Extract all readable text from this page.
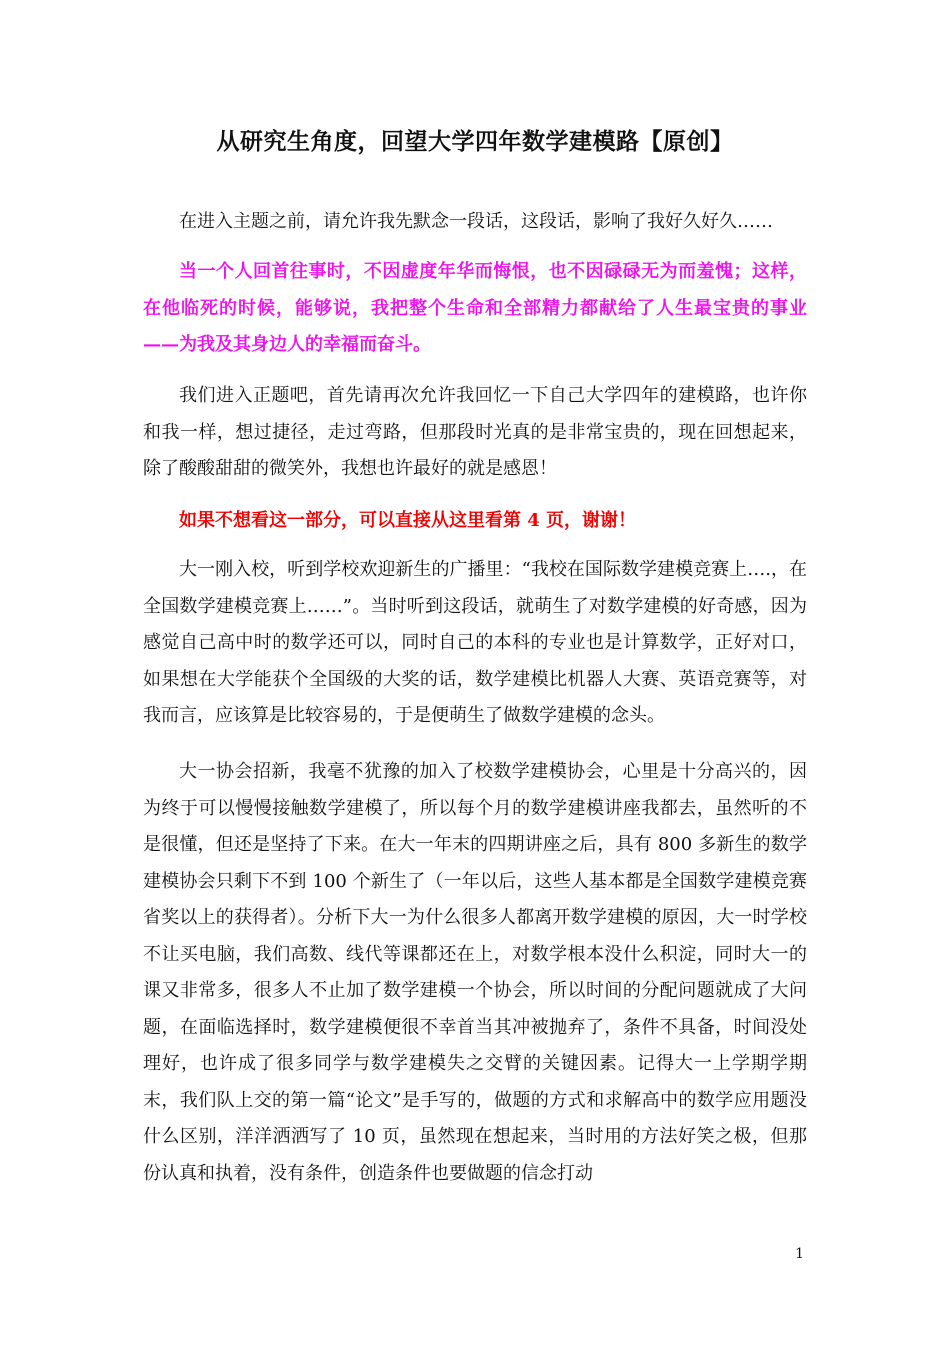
从研究生角度，回望大学四年数学建模路【原创】

在进入主题之前，请允许我先默念一段话，这段话，影响了我好久好久……

当一个人回首往事时，不因虚度年华而悔恨，也不因碌碌无为而羞愧；这样，在他临死的时候，能够说，我把整个生命和全部精力都献给了人生最宝贵的事业——为我及其身边人的幸福而奋斗。

我们进入正题吧，首先请再次允许我回忆一下自己大学四年的建模路，也许你和我一样，想过捷径，走过弯路，但那段时光真的是非常宝贵的，现在回想起来，除了酸酸甜甜的微笑外，我想也许最好的就是感恩！

如果不想看这一部分，可以直接从这里看第 4 页，谢谢！

大一刚入校，听到学校欢迎新生的广播里：“我校在国际数学建模竞赛上….，在全国数学建模竞赛上……”。当时听到这段话，就萌生了对数学建模的好奇感，因为感觉自己高中时的数学还可以，同时自己的本科的专业也是计算数学，正好对口，如果想在大学能获个全国级的大奖的话，数学建模比机器人大赛、英语竞赛等，对我而言，应该算是比较容易的，于是便萌生了做数学建模的念头。

大一协会招新，我毫不犹豫的加入了校数学建模协会，心里是十分高兴的，因为终于可以慢慢接触数学建模了，所以每个月的数学建模讲座我都去，虽然听的不是很懂，但还是坚持了下来。在大一年末的四期讲座之后，具有 800 多新生的数学建模协会只剩下不到 100 个新生了（一年以后，这些人基本都是全国数学建模竞赛省奖以上的获得者）。分析下大一为什么很多人都离开数学建模的原因，大一时学校不让买电脑，我们高数、线代等课都还在上，对数学根本没什么积淀，同时大一的课又非常多，很多人不止加了数学建模一个协会，所以时间的分配问题就成了大问题，在面临选择时，数学建模便很不幸首当其冲被抛弃了，条件不具备，时间没处理好，也许成了很多同学与数学建模失之交臂的关键因素。记得大一上学期学期末，我们队上交的第一篇“论文”是手写的，做题的方式和求解高中的数学应用题没什么区别，洋洋洒洒写了 10 页，虽然现在想起来，当时用的方法好笑之极，但那份认真和执着，没有条件，创造条件也要做题的信念打动

1
